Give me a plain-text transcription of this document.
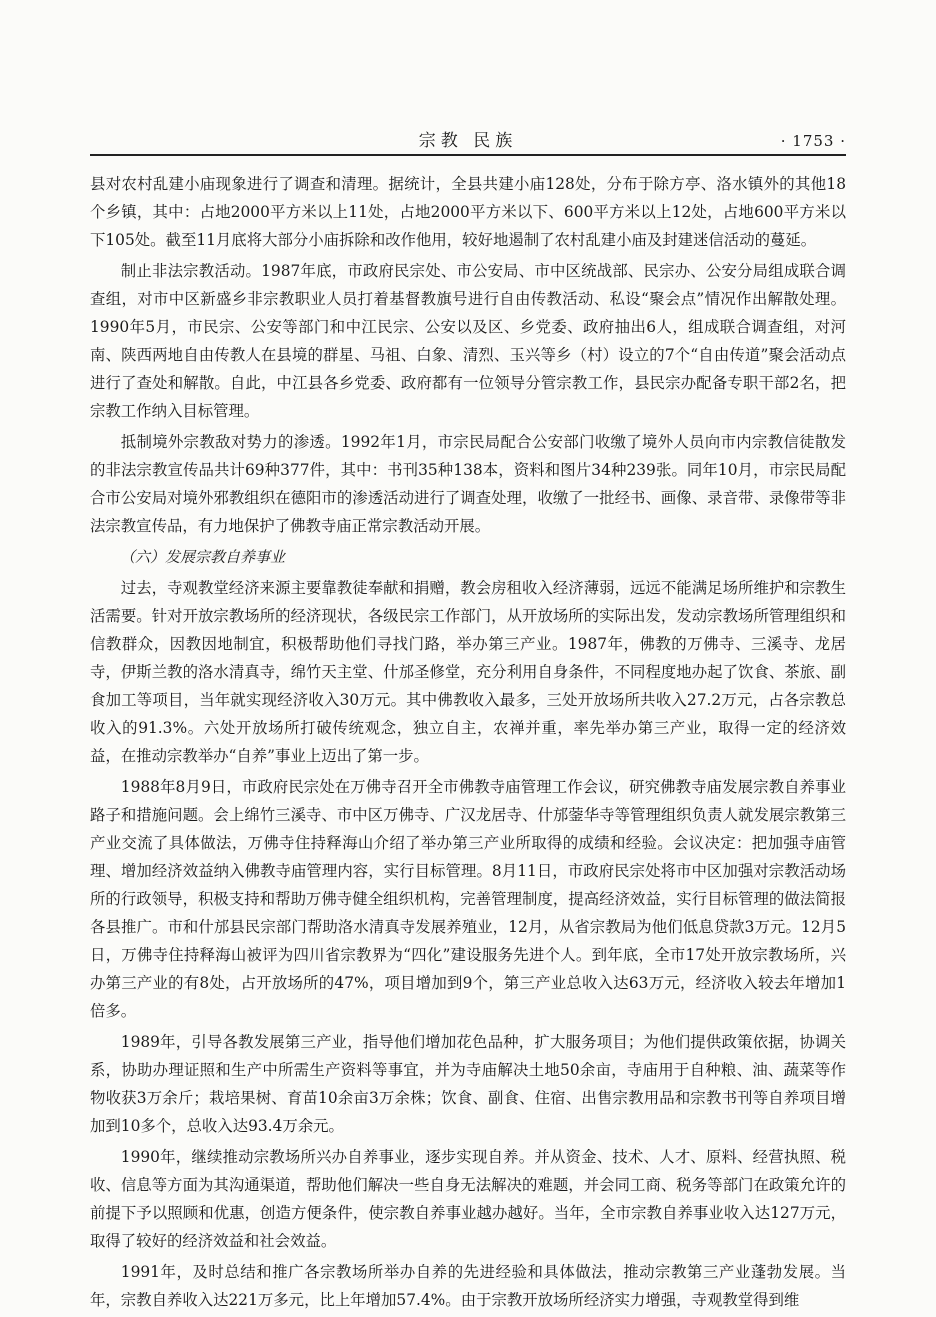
宗教 民族	· 1753 ·

县对农村乱建小庙现象进行了调查和清理。据统计，全县共建小庙128处，分布于除方亭、洛水镇外的其他18个乡镇，其中：占地2000平方米以上11处，占地2000平方米以下、600平方米以上12处，占地600平方米以下105处。截至11月底将大部分小庙拆除和改作他用，较好地遏制了农村乱建小庙及封建迷信活动的蔓延。

制止非法宗教活动。1987年底，市政府民宗处、市公安局、市中区统战部、民宗办、公安分局组成联合调查组，对市中区新盛乡非宗教职业人员打着基督教旗号进行自由传教活动、私设“聚会点”情况作出解散处理。1990年5月，市民宗、公安等部门和中江民宗、公安以及区、乡党委、政府抽出6人，组成联合调查组，对河南、陕西两地自由传教人在县境的群星、马祖、白象、清烈、玉兴等乡（村）设立的7个“自由传道”聚会活动点进行了查处和解散。自此，中江县各乡党委、政府都有一位领导分管宗教工作，县民宗办配备专职干部2名，把宗教工作纳入目标管理。

抵制境外宗教敌对势力的渗透。1992年1月，市宗民局配合公安部门收缴了境外人员向市内宗教信徒散发的非法宗教宣传品共计69种377件，其中：书刊35种138本，资料和图片34种239张。同年10月，市宗民局配合市公安局对境外邪教组织在德阳市的渗透活动进行了调查处理，收缴了一批经书、画像、录音带、录像带等非法宗教宣传品，有力地保护了佛教寺庙正常宗教活动开展。

（六）发展宗教自养事业

过去，寺观教堂经济来源主要靠教徒奉献和捐赠，教会房租收入经济薄弱，远远不能满足场所维护和宗教生活需要。针对开放宗教场所的经济现状，各级民宗工作部门，从开放场所的实际出发，发动宗教场所管理组织和信教群众，因教因地制宜，积极帮助他们寻找门路，举办第三产业。1987年，佛教的万佛寺、三溪寺、龙居寺，伊斯兰教的洛水清真寺，绵竹天主堂、什邡圣修堂，充分利用自身条件，不同程度地办起了饮食、茶旅、副食加工等项目，当年就实现经济收入30万元。其中佛教收入最多，三处开放场所共收入27.2万元，占各宗教总收入的91.3%。六处开放场所打破传统观念，独立自主，农禅并重，率先举办第三产业，取得一定的经济效益，在推动宗教举办“自养”事业上迈出了第一步。

1988年8月9日，市政府民宗处在万佛寺召开全市佛教寺庙管理工作会议，研究佛教寺庙发展宗教自养事业路子和措施问题。会上绵竹三溪寺、市中区万佛寺、广汉龙居寺、什邡蓥华寺等管理组织负责人就发展宗教第三产业交流了具体做法，万佛寺住持释海山介绍了举办第三产业所取得的成绩和经验。会议决定：把加强寺庙管理、增加经济效益纳入佛教寺庙管理内容，实行目标管理。8月11日，市政府民宗处将市中区加强对宗教活动场所的行政领导，积极支持和帮助万佛寺健全组织机构，完善管理制度，提高经济效益，实行目标管理的做法简报各县推广。市和什邡县民宗部门帮助洛水清真寺发展养殖业，12月，从省宗教局为他们低息贷款3万元。12月5日，万佛寺住持释海山被评为四川省宗教界为“四化”建设服务先进个人。到年底，全市17处开放宗教场所，兴办第三产业的有8处，占开放场所的47%，项目增加到9个，第三产业总收入达63万元，经济收入较去年增加1倍多。

1989年，引导各教发展第三产业，指导他们增加花色品种，扩大服务项目；为他们提供政策依据，协调关系，协助办理证照和生产中所需生产资料等事宜，并为寺庙解决土地50余亩，寺庙用于自种粮、油、蔬菜等作物收获3万余斤；栽培果树、育苗10余亩3万余株；饮食、副食、住宿、出售宗教用品和宗教书刊等自养项目增加到10多个，总收入达93.4万余元。

1990年，继续推动宗教场所兴办自养事业，逐步实现自养。并从资金、技术、人才、原料、经营执照、税收、信息等方面为其沟通渠道，帮助他们解决一些自身无法解决的难题，并会同工商、税务等部门在政策允许的前提下予以照顾和优惠，创造方便条件，使宗教自养事业越办越好。当年，全市宗教自养事业收入达127万元，取得了较好的经济效益和社会效益。

1991年，及时总结和推广各宗教场所举办自养的先进经验和具体做法，推动宗教第三产业蓬勃发展。当年，宗教自养收入达221万多元，比上年增加57.4%。由于宗教开放场所经济实力增强，寺观教堂得到维
